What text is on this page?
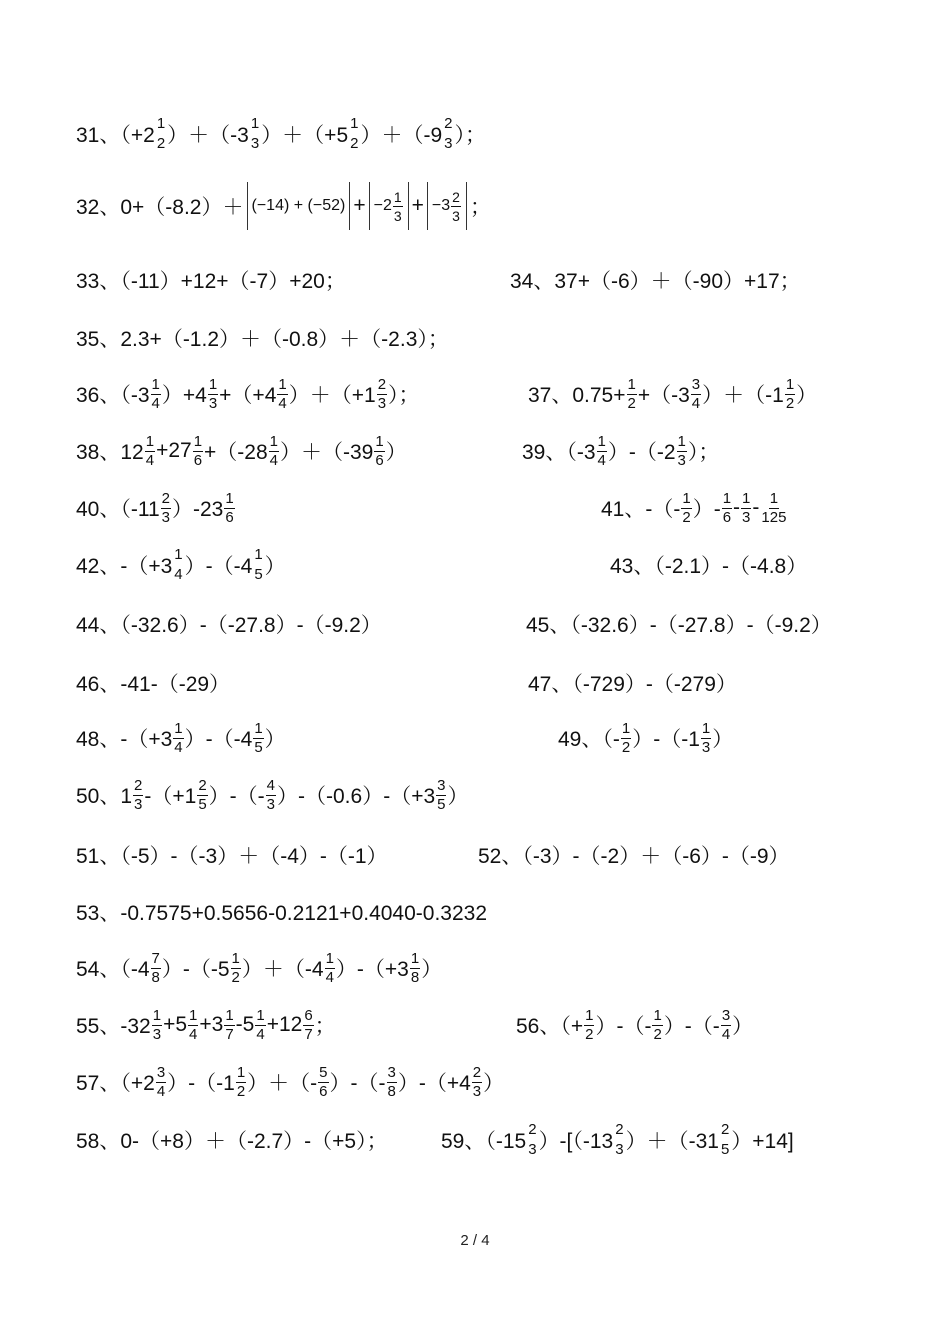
31、（+2
1
2 ）＋（-3
1
3 ）＋（+5
1
2 ）＋（-9
2
3 ）；
32、$0+(-8.2)+ (-14) + (-52) + -2 \frac{1}{3} + -3 \frac{2}{3}$ ；
33、（-11）+12+（-7）+20；	34、37+（-6）＋（-90）+17；
35、2.3+（-1.2）＋（-0.8）＋（-2.3）；
36、$(-3 \frac{1}{4} )+4 \frac{1}{3} +(+4 \frac{1}{4} )+(+1 \frac{2}{3}$ ）；	37、$0.75+ \frac{1}{2} +(-3 \frac{3}{4} )+(-1 \frac{1}{2}$ ）
38、$12 \frac{1}{4} +27 \frac{1}{6} +(-28 \frac{1}{4} )+(-39 \frac{1}{6}$ ）	39、$(-3 \frac{1}{4} )-(-2 \frac{1}{3}$ ）；
40、$(-11 \frac{2}{3} )-23 \frac{1}{6}$	41、-（- $\frac{1}{2}$ ）- $\frac{1}{6} - \frac{1}{3} - \frac{1}{125}$
42、-（+3
1
4 ）-（-4
1
5 ）	43、（-2.1）-（-4.8）
44、（-32.6）-（-27.8）-（-9.2）	45、（-32.6）-（-27.8）-（-9.2）
46、-41-（-29）	47、（-729）-（-279）
48、$-(+3 \frac{1}{4} )-(-4 \frac{1}{5}$ ）	49、（- $\frac{1}{2} )-(-1 \frac{1}{3}$ ）
50、$1 \frac{2}{3} -(+1 \frac{2}{5}$ ）-（- $\frac{4}{3} )-(-0.6)-(+3 \frac{3}{5}$ ）
51、（-5）-（-3）＋（-4）-（-1）	52、（-3）-（-2）＋（-6）-（-9）
53、-0.7575+0.5656-0.2121+0.4040-0.3232
54、$(-4 \frac{7}{8} )-(-5 \frac{1}{2} )+(-4 \frac{1}{4} )-(+3 \frac{1}{8}$ ）
55、$-32 \frac{1}{3} +5 \frac{1}{4} +3 \frac{1}{7} -5 \frac{1}{4} +12 \frac{6}{7}$ ；	56、（+ $\frac{1}{2}$ ）-（- $\frac{1}{2}$ ）-（- $\frac{3}{4}$ ）
57、$(+2 \frac{3}{4} )-(-1 \frac{1}{2}$ ）＋（- $\frac{5}{6}$ ）-（- $\frac{3}{8} )-(+4 \frac{2}{3}$ ）
58、0-（+8）＋（-2.7）-（+5）；	59、（-15
2
3 ）-[（-13
2
3 ）＋（-31
2
5 ）+14]
2 / 4
